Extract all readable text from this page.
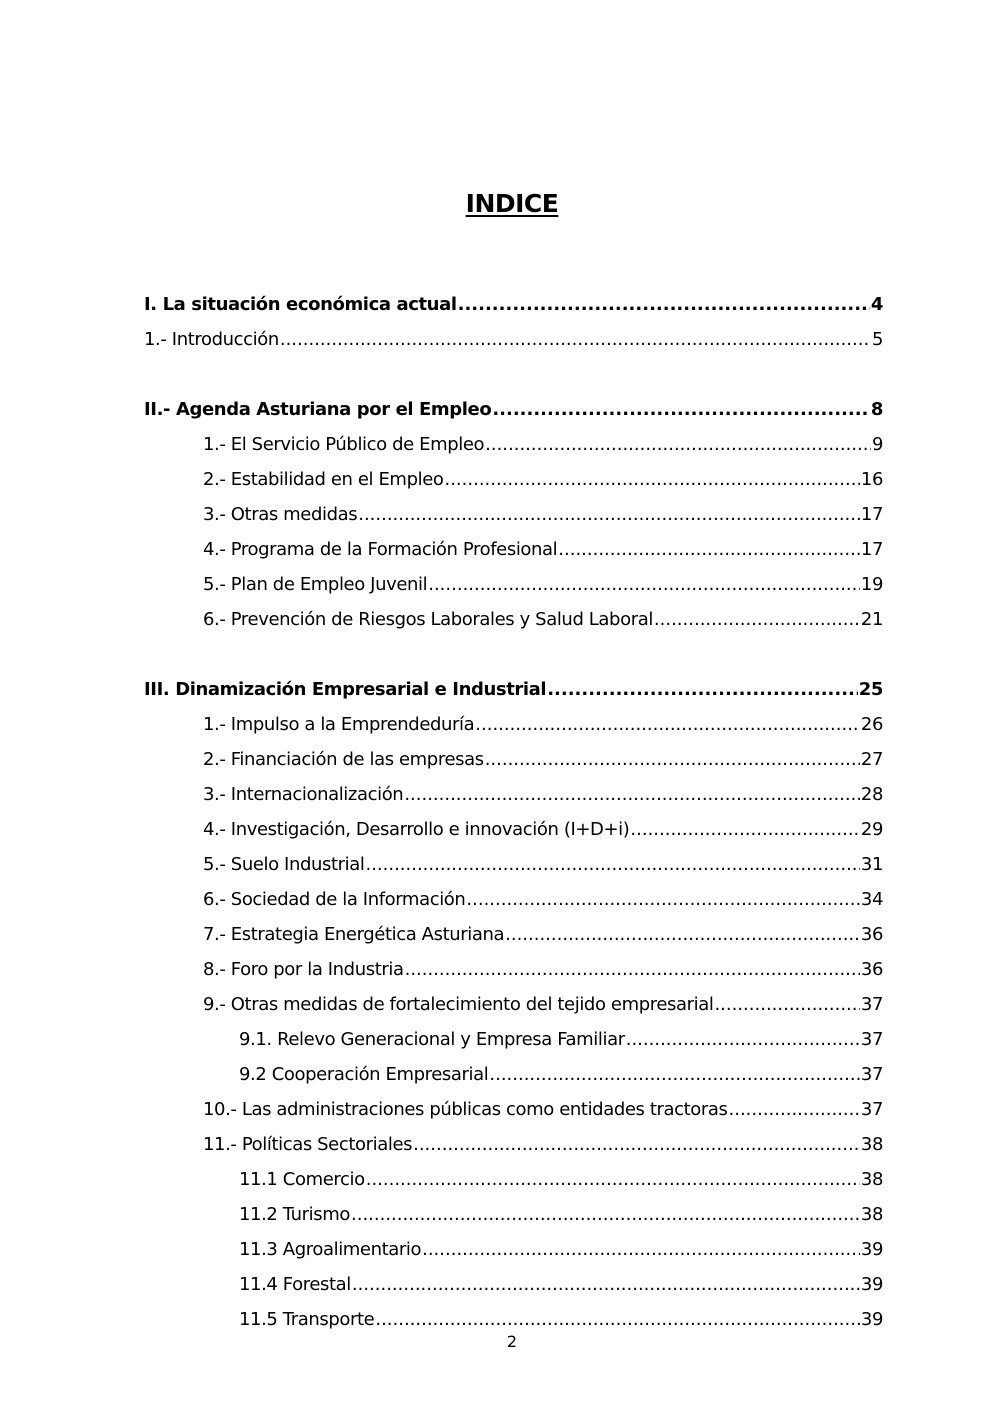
INDICE
I. La situación económica actual .....	4
1.- Introducción .....	5
II.- Agenda Asturiana por el Empleo .....	8
1.- El Servicio Público de Empleo .....	9
2.- Estabilidad en el Empleo .....	16
3.- Otras medidas .....	17
4.- Programa de la Formación Profesional .....	17
5.- Plan de Empleo Juvenil .....	19
6.- Prevención de Riesgos Laborales y Salud Laboral .....	21
III. Dinamización Empresarial e Industrial .....	25
1.- Impulso a la Emprendeduría .....	26
2.- Financiación de las empresas .....	27
3.- Internacionalización .....	28
4.- Investigación, Desarrollo e innovación (I+D+i) .....	29
5.- Suelo Industrial .....	31
6.- Sociedad de la Información .....	34
7.- Estrategia Energética Asturiana .....	36
8.- Foro por la Industria .....	36
9.- Otras medidas de fortalecimiento del tejido empresarial .....	37
9.1. Relevo Generacional y Empresa Familiar .....	37
9.2 Cooperación Empresarial .....	37
10.- Las administraciones públicas como entidades tractoras .....	37
11.- Políticas Sectoriales .....	38
11.1 Comercio .....	38
11.2 Turismo .....	38
11.3 Agroalimentario .....	39
11.4 Forestal .....	39
11.5 Transporte .....	39
2
